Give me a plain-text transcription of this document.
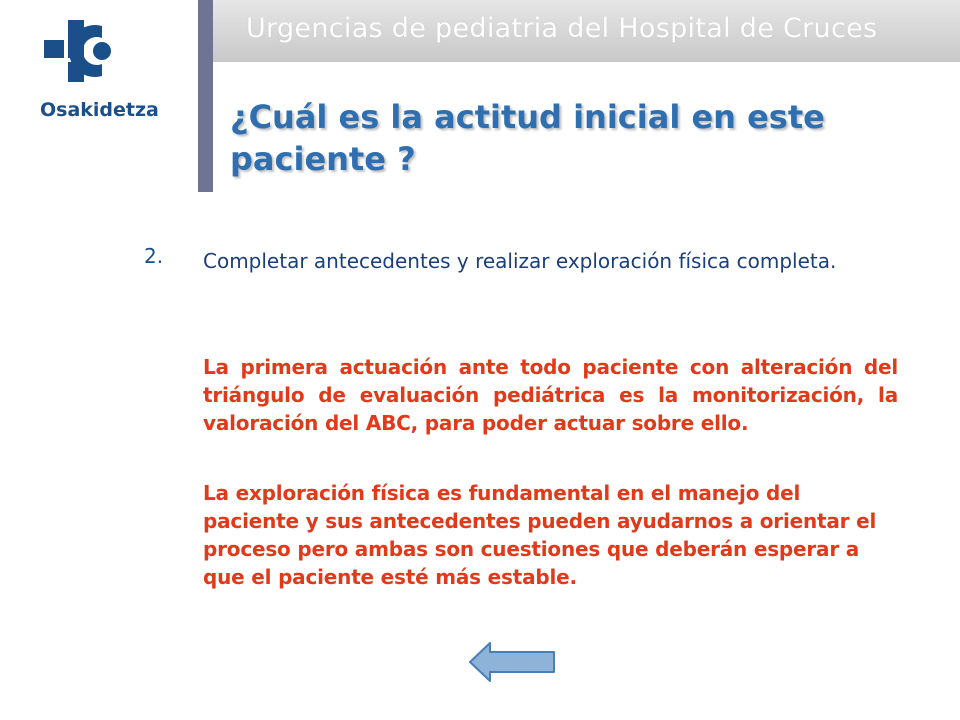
Urgencias de pediatria del Hospital de Cruces
Osakidetza ¿Cuál es la actitud inicial en este paciente ?
2. Completar antecedentes y realizar exploración física completa.

La primera actuación ante todo paciente con alteración del triángulo de evaluación pediátrica es la monitorización, la valoración del ABC, para poder actuar sobre ello.

La exploración física es fundamental en el manejo del paciente y sus antecedentes pueden ayudarnos a orientar el proceso pero ambas son cuestiones que deberán esperar a que el paciente esté más estable.
